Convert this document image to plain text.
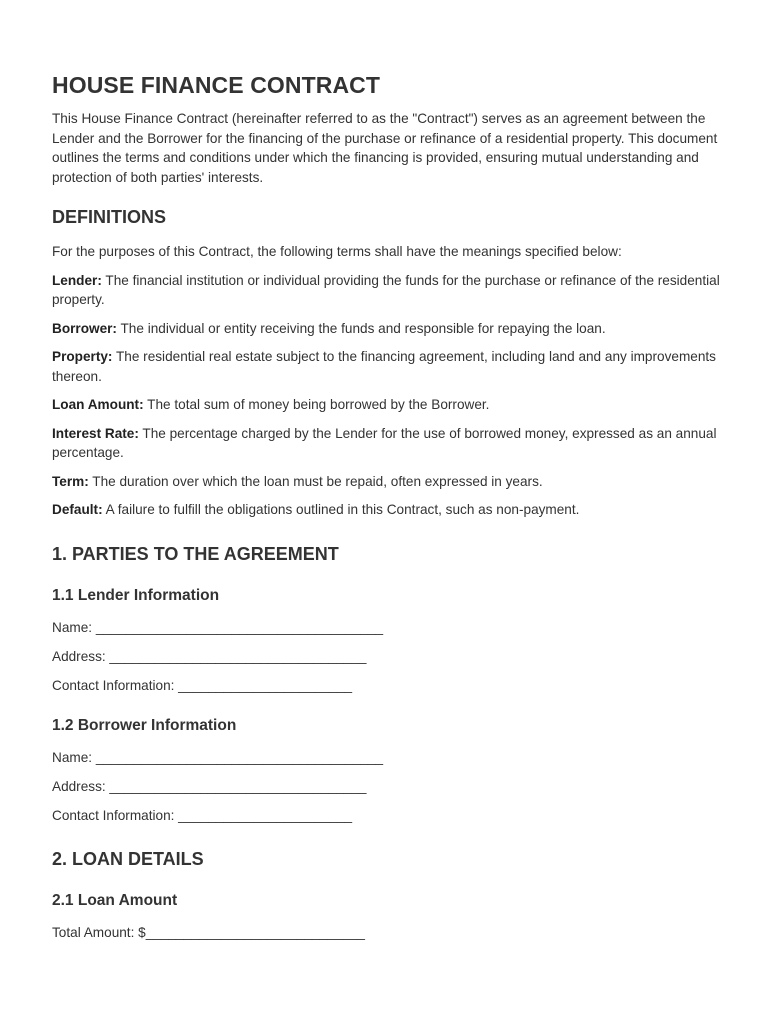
HOUSE FINANCE CONTRACT

This House Finance Contract (hereinafter referred to as the "Contract") serves as an agreement between the Lender and the Borrower for the financing of the purchase or refinance of a residential property. This document outlines the terms and conditions under which the financing is provided, ensuring mutual understanding and protection of both parties' interests.

DEFINITIONS

For the purposes of this Contract, the following terms shall have the meanings specified below:

Lender: The financial institution or individual providing the funds for the purchase or refinance of the residential property.

Borrower: The individual or entity receiving the funds and responsible for repaying the loan.

Property: The residential real estate subject to the financing agreement, including land and any improvements thereon.

Loan Amount: The total sum of money being borrowed by the Borrower.

Interest Rate: The percentage charged by the Lender for the use of borrowed money, expressed as an annual percentage.

Term: The duration over which the loan must be repaid, often expressed in years.

Default: A failure to fulfill the obligations outlined in this Contract, such as non-payment.

1. PARTIES TO THE AGREEMENT
1.1 Lender Information
Name: ______________________________________
Address: __________________________________
Contact Information: _______________________
1.2 Borrower Information
Name: ______________________________________
Address: __________________________________
Contact Information: _______________________
2. LOAN DETAILS
2.1 Loan Amount
Total Amount: $_____________________________
